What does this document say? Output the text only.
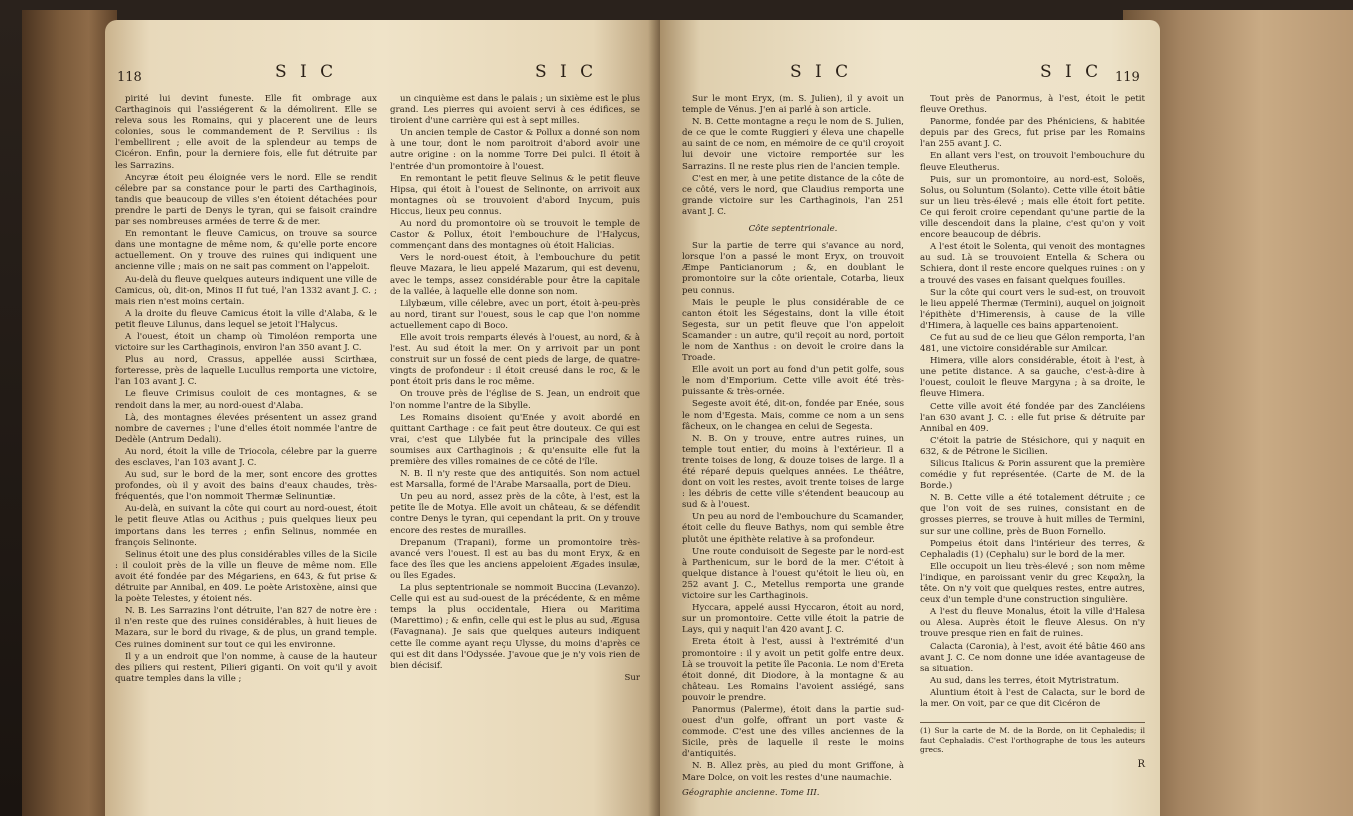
118	S I C	S I C

pirité lui devint funeste. Elle fit ombrage aux Carthaginois qui l'assiégerent & la démolirent. Elle se releva sous les Romains, qui y placerent une de leurs colonies, sous le commandement de P. Servilius : ils l'embellirent ; elle avoit de la splendeur au temps de Cicéron. Enfin, pour la derniere fois, elle fut détruite par les Sarrazins.

Ancyræ étoit peu éloignée vers le nord. Elle se rendit célebre par sa constance pour le parti des Carthaginois, tandis que beaucoup de villes s'en étoient détachées pour prendre le parti de Denys le tyran, qui se faisoit craindre par ses nombreuses armées de terre & de mer.

En remontant le fleuve Camicus, on trouve sa source dans une montagne de même nom, & qu'elle porte encore actuellement. On y trouve des ruines qui indiquent une ancienne ville ; mais on ne sait pas comment on l'appeloit.

Au-delà du fleuve quelques auteurs indiquent une ville de Camicus, où, dit-on, Minos II fut tué, l'an 1332 avant J. C. ; mais rien n'est moins certain.

A la droite du fleuve Camicus étoit la ville d'Alaba, & le petit fleuve Lilunus, dans lequel se jetoit l'Halycus.

A l'ouest, étoit un champ où Timoléon remporta une victoire sur les Carthaginois, environ l'an 350 avant J. C.

Plus au nord, Crassus, appellée aussi Scirthæa, forteresse, près de laquelle Lucullus remporta une victoire, l'an 103 avant J. C.

Le fleuve Crimisus couloit de ces montagnes, & se rendoit dans la mer, au nord-ouest d'Alaba.

Là, des montagnes élevées présentent un assez grand nombre de cavernes ; l'une d'elles étoit nommée l'antre de Dedèle (Antrum Dedali).

Au nord, étoit la ville de Triocola, célebre par la guerre des esclaves, l'an 103 avant J. C.

Au sud, sur le bord de la mer, sont encore des grottes profondes, où il y avoit des bains d'eaux chaudes, très-fréquentés, que l'on nommoit Thermæ Selinuntiæ.

Au-delà, en suivant la côte qui court au nord-ouest, étoit le petit fleuve Atlas ou Acithus ; puis quelques lieux peu importans dans les terres ; enfin Selinus, nommée en françois Selinonte.

Selinus étoit une des plus considérables villes de la Sicile : il couloit près de la ville un fleuve de même nom. Elle avoit été fondée par des Mégariens, en 643, & fut prise & détruite par Annibal, en 409. Le poète Aristoxène, ainsi que la poète Telestes, y étoient nés.

N. B. Les Sarrazins l'ont détruite, l'an 827 de notre ère : il n'en reste que des ruines considérables, à huit lieues de Mazara, sur le bord du rivage, & de plus, un grand temple. Ces ruines dominent sur tout ce qui les environne.

Il y a un endroit que l'on nomme, à cause de la hauteur des piliers qui restent, Pilieri giganti. On voit qu'il y avoit quatre temples dans la ville ;

un cinquième est dans le palais ; un sixième est le plus grand. Les pierres qui avoient servi à ces édifices, se tiroient d'une carrière qui est à sept milles.

Un ancien temple de Castor & Pollux a donné son nom à une tour, dont le nom paroitroit d'abord avoir une autre origine : on la nomme Torre Dei pulci. Il étoit à l'entrée d'un promontoire à l'ouest.

En remontant le petit fleuve Selinus & le petit fleuve Hipsa, qui étoit à l'ouest de Selinonte, on arrivoit aux montagnes où se trouvoient d'abord Inycum, puis Hiccus, lieux peu connus.

Au nord du promontoire où se trouvoit le temple de Castor & Pollux, étoit l'embouchure de l'Halycus, commençant dans des montagnes où étoit Halicias.

Vers le nord-ouest étoit, à l'embouchure du petit fleuve Mazara, le lieu appelé Mazarum, qui est devenu, avec le temps, assez considérable pour être la capitale de la vallée, à laquelle elle donne son nom.

Lilybæum, ville célebre, avec un port, étoit à-peu-près au nord, tirant sur l'ouest, sous le cap que l'on nomme actuellement capo di Boco.

Elle avoit trois remparts élevés à l'ouest, au nord, & à l'est. Au sud étoit la mer. On y arrivoit par un pont construit sur un fossé de cent pieds de large, de quatre-vingts de profondeur : il étoit creusé dans le roc, & le pont étoit pris dans le roc même.

On trouve près de l'église de S. Jean, un endroit que l'on nomme l'antre de la Sibylle.

Les Romains disoient qu'Enée y avoit abordé en quittant Carthage : ce fait peut être douteux. Ce qui est vrai, c'est que Lilybée fut la principale des villes soumises aux Carthaginois ; & qu'ensuite elle fut la première des villes romaines de ce côté de l'île.

N. B. Il n'y reste que des antiquités. Son nom actuel est Marsalla, formé de l'Arabe Marsaalla, port de Dieu.

Un peu au nord, assez près de la côte, à l'est, est la petite île de Motya. Elle avoit un château, & se défendit contre Denys le tyran, qui cependant la prit. On y trouve encore des restes de murailles.

Drepanum (Trapani), forme un promontoire très-avancé vers l'ouest. Il est au bas du mont Eryx, & en face des îles que les anciens appeloient Ægades insulæ, ou îles Egades.

La plus septentrionale se nommoit Buccina (Levanzo). Celle qui est au sud-ouest de la précédente, & en même temps la plus occidentale, Hiera ou Maritima (Marettimo) ; & enfin, celle qui est le plus au sud, Ægusa (Favagnana). Je sais que quelques auteurs indiquent cette île comme ayant reçu Ulysse, du moins d'après ce qui est dit dans l'Odyssée. J'avoue que je n'y vois rien de bien décisif.

Sur
S I C	S I C 119

Sur le mont Eryx, (m. S. Julien), il y avoit un temple de Vénus. J'en ai parlé à son article.

N. B. Cette montagne a reçu le nom de S. Julien, de ce que le comte Ruggieri y éleva une chapelle au saint de ce nom, en mémoire de ce qu'il croyoit lui devoir une victoire remportée sur les Sarrazins. Il ne reste plus rien de l'ancien temple.

C'est en mer, à une petite distance de la côte de ce côté, vers le nord, que Claudius remporta une grande victoire sur les Carthaginois, l'an 251 avant J. C.

Côte septentrionale.

Sur la partie de terre qui s'avance au nord, lorsque l'on a passé le mont Eryx, on trouvoit Æmpe Panticianorum ; &, en doublant le promontoire sur la côte orientale, Cotarba, lieux peu connus.

Mais le peuple le plus considérable de ce canton étoit les Ségestains, dont la ville étoit Segesta, sur un petit fleuve que l'on appeloit Scamander : un autre, qu'il reçoit au nord, portoit le nom de Xanthus : on devoit le croire dans la Troade.

Elle avoit un port au fond d'un petit golfe, sous le nom d'Emporium. Cette ville avoit été très-puissante & très-ornée.

Segeste avoit été, dit-on, fondée par Enée, sous le nom d'Egesta. Mais, comme ce nom a un sens fâcheux, on le changea en celui de Segesta.

N. B. On y trouve, entre autres ruines, un temple tout entier, du moins à l'extérieur. Il a trente toises de long, & douze toises de large. Il a été réparé depuis quelques années. Le théâtre, dont on voit les restes, avoit trente toises de large : les débris de cette ville s'étendent beaucoup au sud & à l'ouest.

Un peu au nord de l'embouchure du Scamander, étoit celle du fleuve Bathys, nom qui semble être plutôt une épithète relative à sa profondeur.

Une route conduisoit de Segeste par le nord-est à Parthenicum, sur le bord de la mer. C'étoit à quelque distance à l'ouest qu'étoit le lieu où, en 252 avant J. C., Metellus remporta une grande victoire sur les Carthaginois.

Hyccara, appelé aussi Hyccaron, étoit au nord, sur un promontoire. Cette ville étoit la patrie de Lays, qui y naquit l'an 420 avant J. C.

Ereta étoit à l'est, aussi à l'extrémité d'un promontoire : il y avoit un petit golfe entre deux. Là se trouvoit la petite île Paconia. Le nom d'Ereta étoit donné, dit Diodore, à la montagne & au château. Les Romains l'avoient assiégé, sans pouvoir le prendre.

Panormus (Palerme), étoit dans la partie sud-ouest d'un golfe, offrant un port vaste & commode. C'est une des villes anciennes de la Sicile, près de laquelle il reste le moins d'antiquités.

N. B. Allez près, au pied du mont Griffone, à Mare Dolce, on voit les restes d'une naumachie.

Géographie ancienne. Tome III.

Tout près de Panormus, à l'est, étoit le petit fleuve Orethus.

Panorme, fondée par des Phéniciens, & habitée depuis par des Grecs, fut prise par les Romains l'an 255 avant J. C.

En allant vers l'est, on trouvoit l'embouchure du fleuve Eleutherus.

Puis, sur un promontoire, au nord-est, Soloës, Solus, ou Soluntum (Solanto). Cette ville étoit bâtie sur un lieu très-élevé ; mais elle étoit fort petite. Ce qui feroit croire cependant qu'une partie de la ville descendoit dans la plaine, c'est qu'on y voit encore beaucoup de débris.

A l'est étoit le Solenta, qui venoit des montagnes au sud. Là se trouvoient Entella & Schera ou Schiera, dont il reste encore quelques ruines : on y a trouvé des vases en faisant quelques fouilles.

Sur la côte qui court vers le sud-est, on trouvoit le lieu appelé Thermæ (Termini), auquel on joignoit l'épithète d'Himerensis, à cause de la ville d'Himera, à laquelle ces bains appartenoient.

Ce fut au sud de ce lieu que Gélon remporta, l'an 481, une victoire considérable sur Amilcar.

Himera, ville alors considérable, étoit à l'est, à une petite distance. A sa gauche, c'est-à-dire à l'ouest, couloit le fleuve Margyna ; à sa droite, le fleuve Himera.

Cette ville avoit été fondée par des Zancléiens l'an 630 avant J. C. : elle fut prise & détruite par Annibal en 409.

C'étoit la patrie de Stésichore, qui y naquit en 632, & de Pétrone le Sicilien.

Silicus Italicus & Porin assurent que la première comédie y fut représentée. (Carte de M. de la Borde.)

N. B. Cette ville a été totalement détruite ; ce que l'on voit de ses ruines, consistant en de grosses pierres, se trouve à huit milles de Termini, sur sur une colline, près de Buon Fornello.

Pompeius étoit dans l'intérieur des terres, & Cephaladis (1) (Cephalu) sur le bord de la mer.

Elle occupoit un lieu très-élevé ; son nom même l'indique, en paroissant venir du grec Κεφαλη, la tête. On n'y voit que quelques restes, entre autres, ceux d'un temple d'une construction singulière.

A l'est du fleuve Monalus, étoit la ville d'Halesa ou Alesa. Auprès étoit le fleuve Alesus. On n'y trouve presque rien en fait de ruines.

Calacta (Caronia), à l'est, avoit été bâtie 460 ans avant J. C. Ce nom donne une idée avantageuse de sa situation.

Au sud, dans les terres, étoit Mytristratum.

Aluntium étoit à l'est de Calacta, sur le bord de la mer. On voit, par ce que dit Cicéron de

(1) Sur la carte de M. de la Borde, on lit Cephaledis; il faut Cephaladis. C'est l'orthographe de tous les auteurs grecs.
R
